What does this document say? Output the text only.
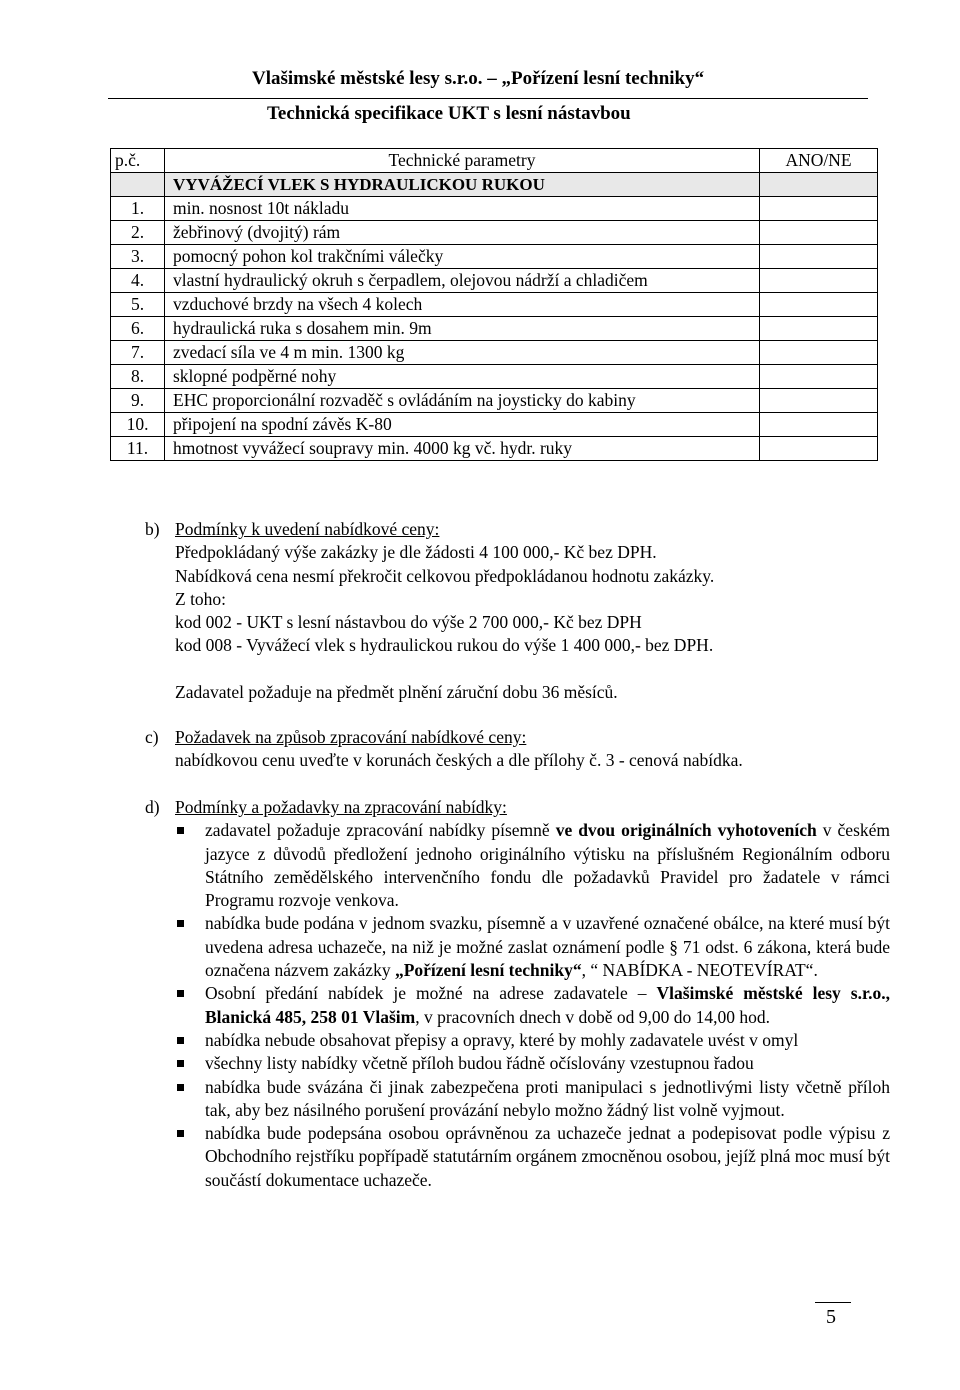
Vlašimské městské lesy s.r.o. – „Pořízení lesní techniky“
Technická specifikace UKT s lesní nástavbou
p.č.	Technické parametry	ANO/NE
	VYVÁŽECÍ VLEK S HYDRAULICKOU RUKOU	
1.	min. nosnost 10t nákladu	
2.	žebřinový (dvojitý) rám	
3.	pomocný pohon kol trakčními válečky	
4.	vlastní hydraulický okruh s čerpadlem, olejovou nádrží a chladičem	
5.	vzduchové brzdy na všech 4 kolech	
6.	hydraulická ruka s dosahem min. 9m	
7.	zvedací síla ve 4 m min. 1300 kg	
8.	sklopné podpěrné nohy	
9.	EHC proporcionální rozvaděč s ovládáním na joysticky do kabiny	
10.	připojení na spodní závěs K-80	
11.	hmotnost vyvážecí soupravy min. 4000 kg vč. hydr. ruky	
b) Podmínky k uvedení nabídkové ceny:

Předpokládaný výše zakázky je dle žádosti 4 100 000,- Kč bez DPH.

Nabídková cena nesmí překročit celkovou předpokládanou hodnotu zakázky.

Z toho:

kod 002 - UKT s lesní nástavbou do výše 2 700 000,- Kč bez DPH

kod 008 - Vyvážecí vlek s hydraulickou rukou do výše 1 400 000,- bez DPH.

Zadavatel požaduje na předmět plnění záruční dobu 36 měsíců.

c) Požadavek na způsob zpracování nabídkové ceny:

nabídkovou cenu uveďte v korunách českých a dle přílohy č. 3 - cenová nabídka.

d) Podmínky a požadavky na zpracování nabídky:

zadavatel požaduje zpracování nabídky písemně ve dvou originálních vyhotoveních v českém jazyce z důvodů předložení jednoho originálního výtisku na příslušném Regionálním odboru Státního zemědělského intervenčního fondu dle požadavků Pravidel pro žadatele v rámci Programu rozvoje venkova.
nabídka bude podána v jednom svazku, písemně a v uzavřené označené obálce, na které musí být uvedena adresa uchazeče, na niž je možné zaslat oznámení podle § 71 odst. 6 zákona, která bude označena názvem zakázky „Pořízení lesní techniky“, “ NABÍDKA - NEOTEVÍRAT“.
Osobní předání nabídek je možné na adrese zadavatele – Vlašimské městské lesy s.r.o., Blanická 485, 258 01 Vlašim, v pracovních dnech v době od 9,00 do 14,00 hod.
nabídka nebude obsahovat přepisy a opravy, které by mohly zadavatele uvést v omyl
všechny listy nabídky včetně příloh budou řádně očíslovány vzestupnou řadou
nabídka bude svázána či jinak zabezpečena proti manipulaci s jednotlivými listy včetně příloh tak, aby bez násilného porušení provázání nebylo možno žádný list volně vyjmout.
nabídka bude podepsána osobou oprávněnou za uchazeče jednat a podepisovat podle výpisu z Obchodního rejstříku popřípadě statutárním orgánem zmocněnou osobou, jejíž plná moc musí být součástí dokumentace uchazeče.
5
